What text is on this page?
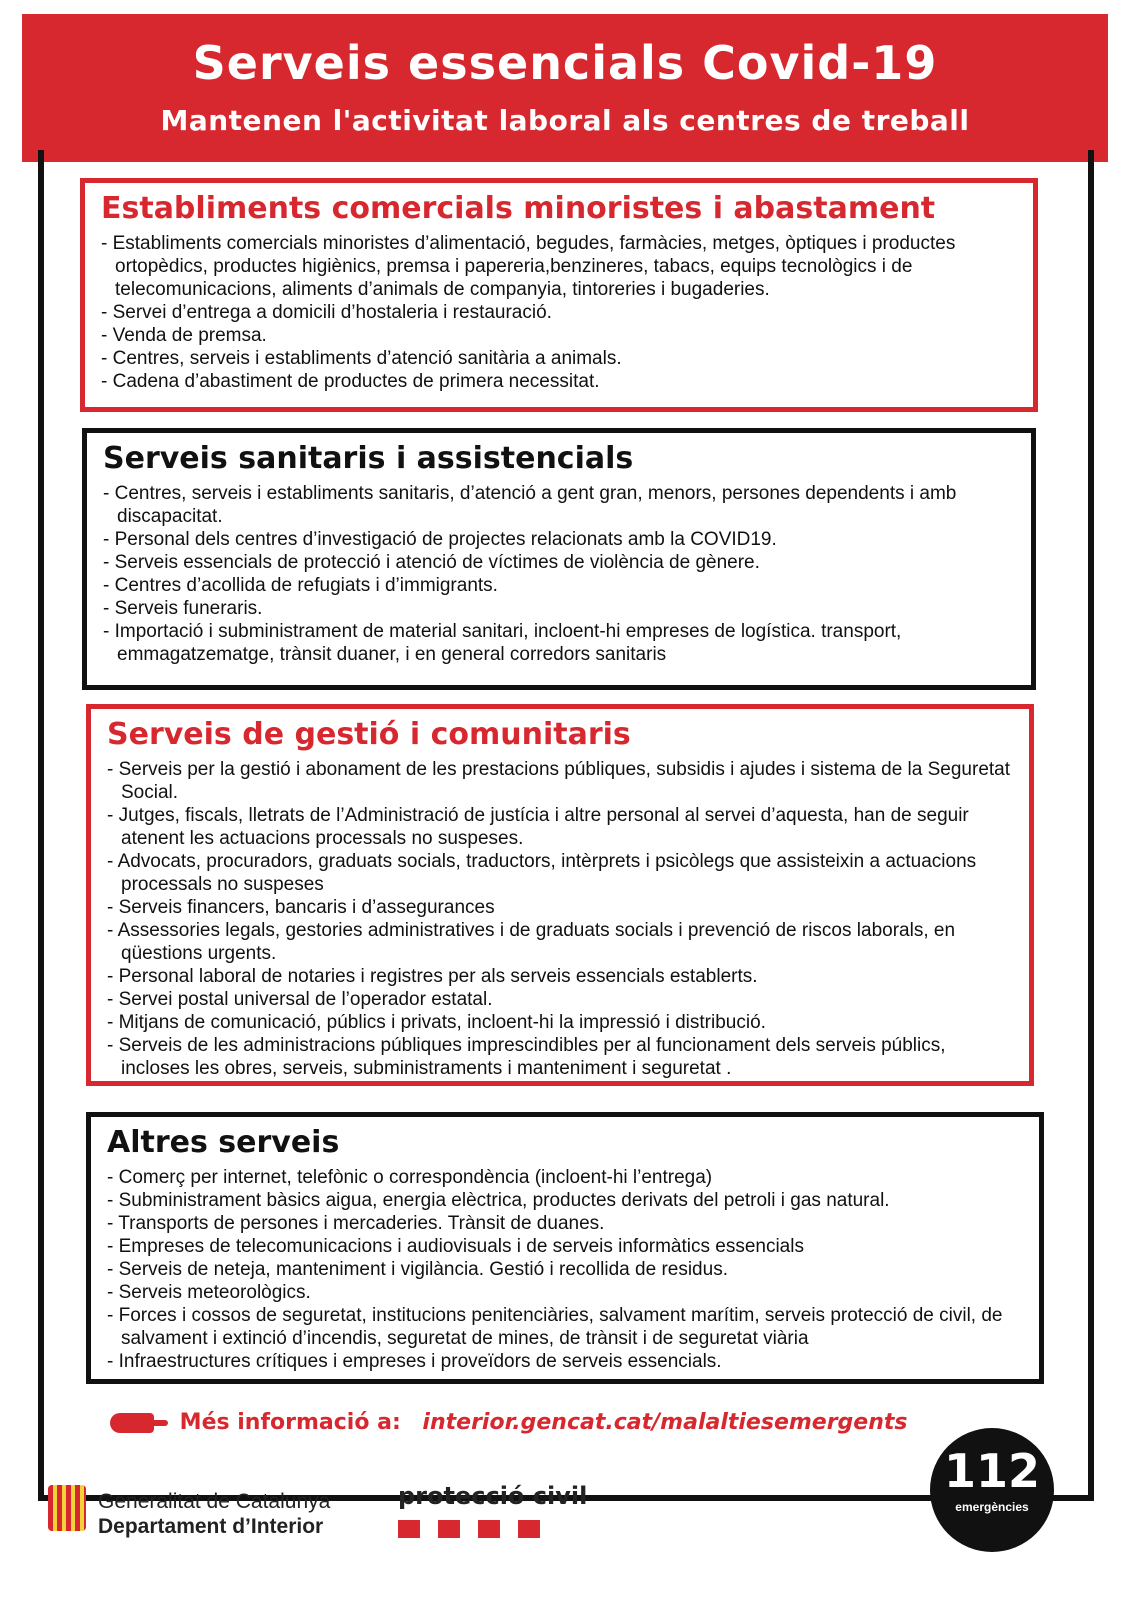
Serveis essencials Covid-19
Mantenen l'activitat laboral als centres de treball
Establiments comercials minoristes i abastament
- Establiments comercials minoristes d’alimentació, begudes, farmàcies, metges, òptiques i productes ortopèdics, productes higiènics, premsa i papereria,benzineres, tabacs, equips tecnològics i de telecomunicacions, aliments d’animals de companyia, tintoreries i bugaderies.
- Servei d’entrega a domicili d’hostaleria i restauració.
- Venda de premsa.
- Centres, serveis i establiments d’atenció sanitària a animals.
- Cadena d’abastiment de productes de primera necessitat.
Serveis sanitaris i assistencials
- Centres, serveis i establiments sanitaris, d’atenció a gent gran, menors, persones dependents i amb discapacitat.
- Personal dels centres d’investigació de projectes relacionats amb la COVID19.
- Serveis essencials de protecció i atenció de víctimes de violència de gènere.
- Centres d’acollida de refugiats i d’immigrants.
- Serveis funeraris.
- Importació i subministrament de material sanitari, incloent-hi empreses de logística. transport, emmagatzematge, trànsit duaner, i en general corredors sanitaris
Serveis de gestió i comunitaris
- Serveis per la gestió i abonament de les prestacions públiques, subsidis i ajudes i sistema de la Seguretat Social.
- Jutges, fiscals, lletrats de l’Administració de justícia i altre personal al servei d’aquesta, han de seguir atenent les actuacions processals no suspeses.
- Advocats, procuradors, graduats socials, traductors, intèrprets i psicòlegs que assisteixin a actuacions processals no suspeses
- Serveis financers, bancaris i d’assegurances
- Assessories legals, gestories administratives i de graduats socials i prevenció de riscos laborals, en qüestions urgents.
- Personal laboral de notaries i registres per als serveis essencials establerts.
- Servei postal universal de l’operador estatal.
- Mitjans de comunicació, públics i privats, incloent-hi la impressió i distribució.
- Serveis de les administracions públiques imprescindibles per al funcionament dels serveis públics, incloses les obres, serveis, subministraments i manteniment i seguretat .
Altres serveis
- Comerç per internet, telefònic o correspondència (incloent-hi l’entrega)
- Subministrament bàsics aigua, energia elèctrica, productes derivats del petroli i gas natural.
- Transports de persones i mercaderies. Trànsit de duanes.
- Empreses de telecomunicacions i audiovisuals i de serveis informàtics essencials
- Serveis de neteja, manteniment i vigilància. Gestió i recollida de residus.
- Serveis meteorològics.
- Forces i cossos de seguretat, institucions penitenciàries, salvament marítim, serveis protecció de civil, de salvament i extinció d’incendis, seguretat de mines, de trànsit i de seguretat viària
- Infraestructures crítiques i empreses i proveïdors de serveis essencials.
Més informació a: interior.gencat.cat/malaltiesemergents
Generalitat de Catalunya
Departament d’Interior
protecció civil	112
emergències
